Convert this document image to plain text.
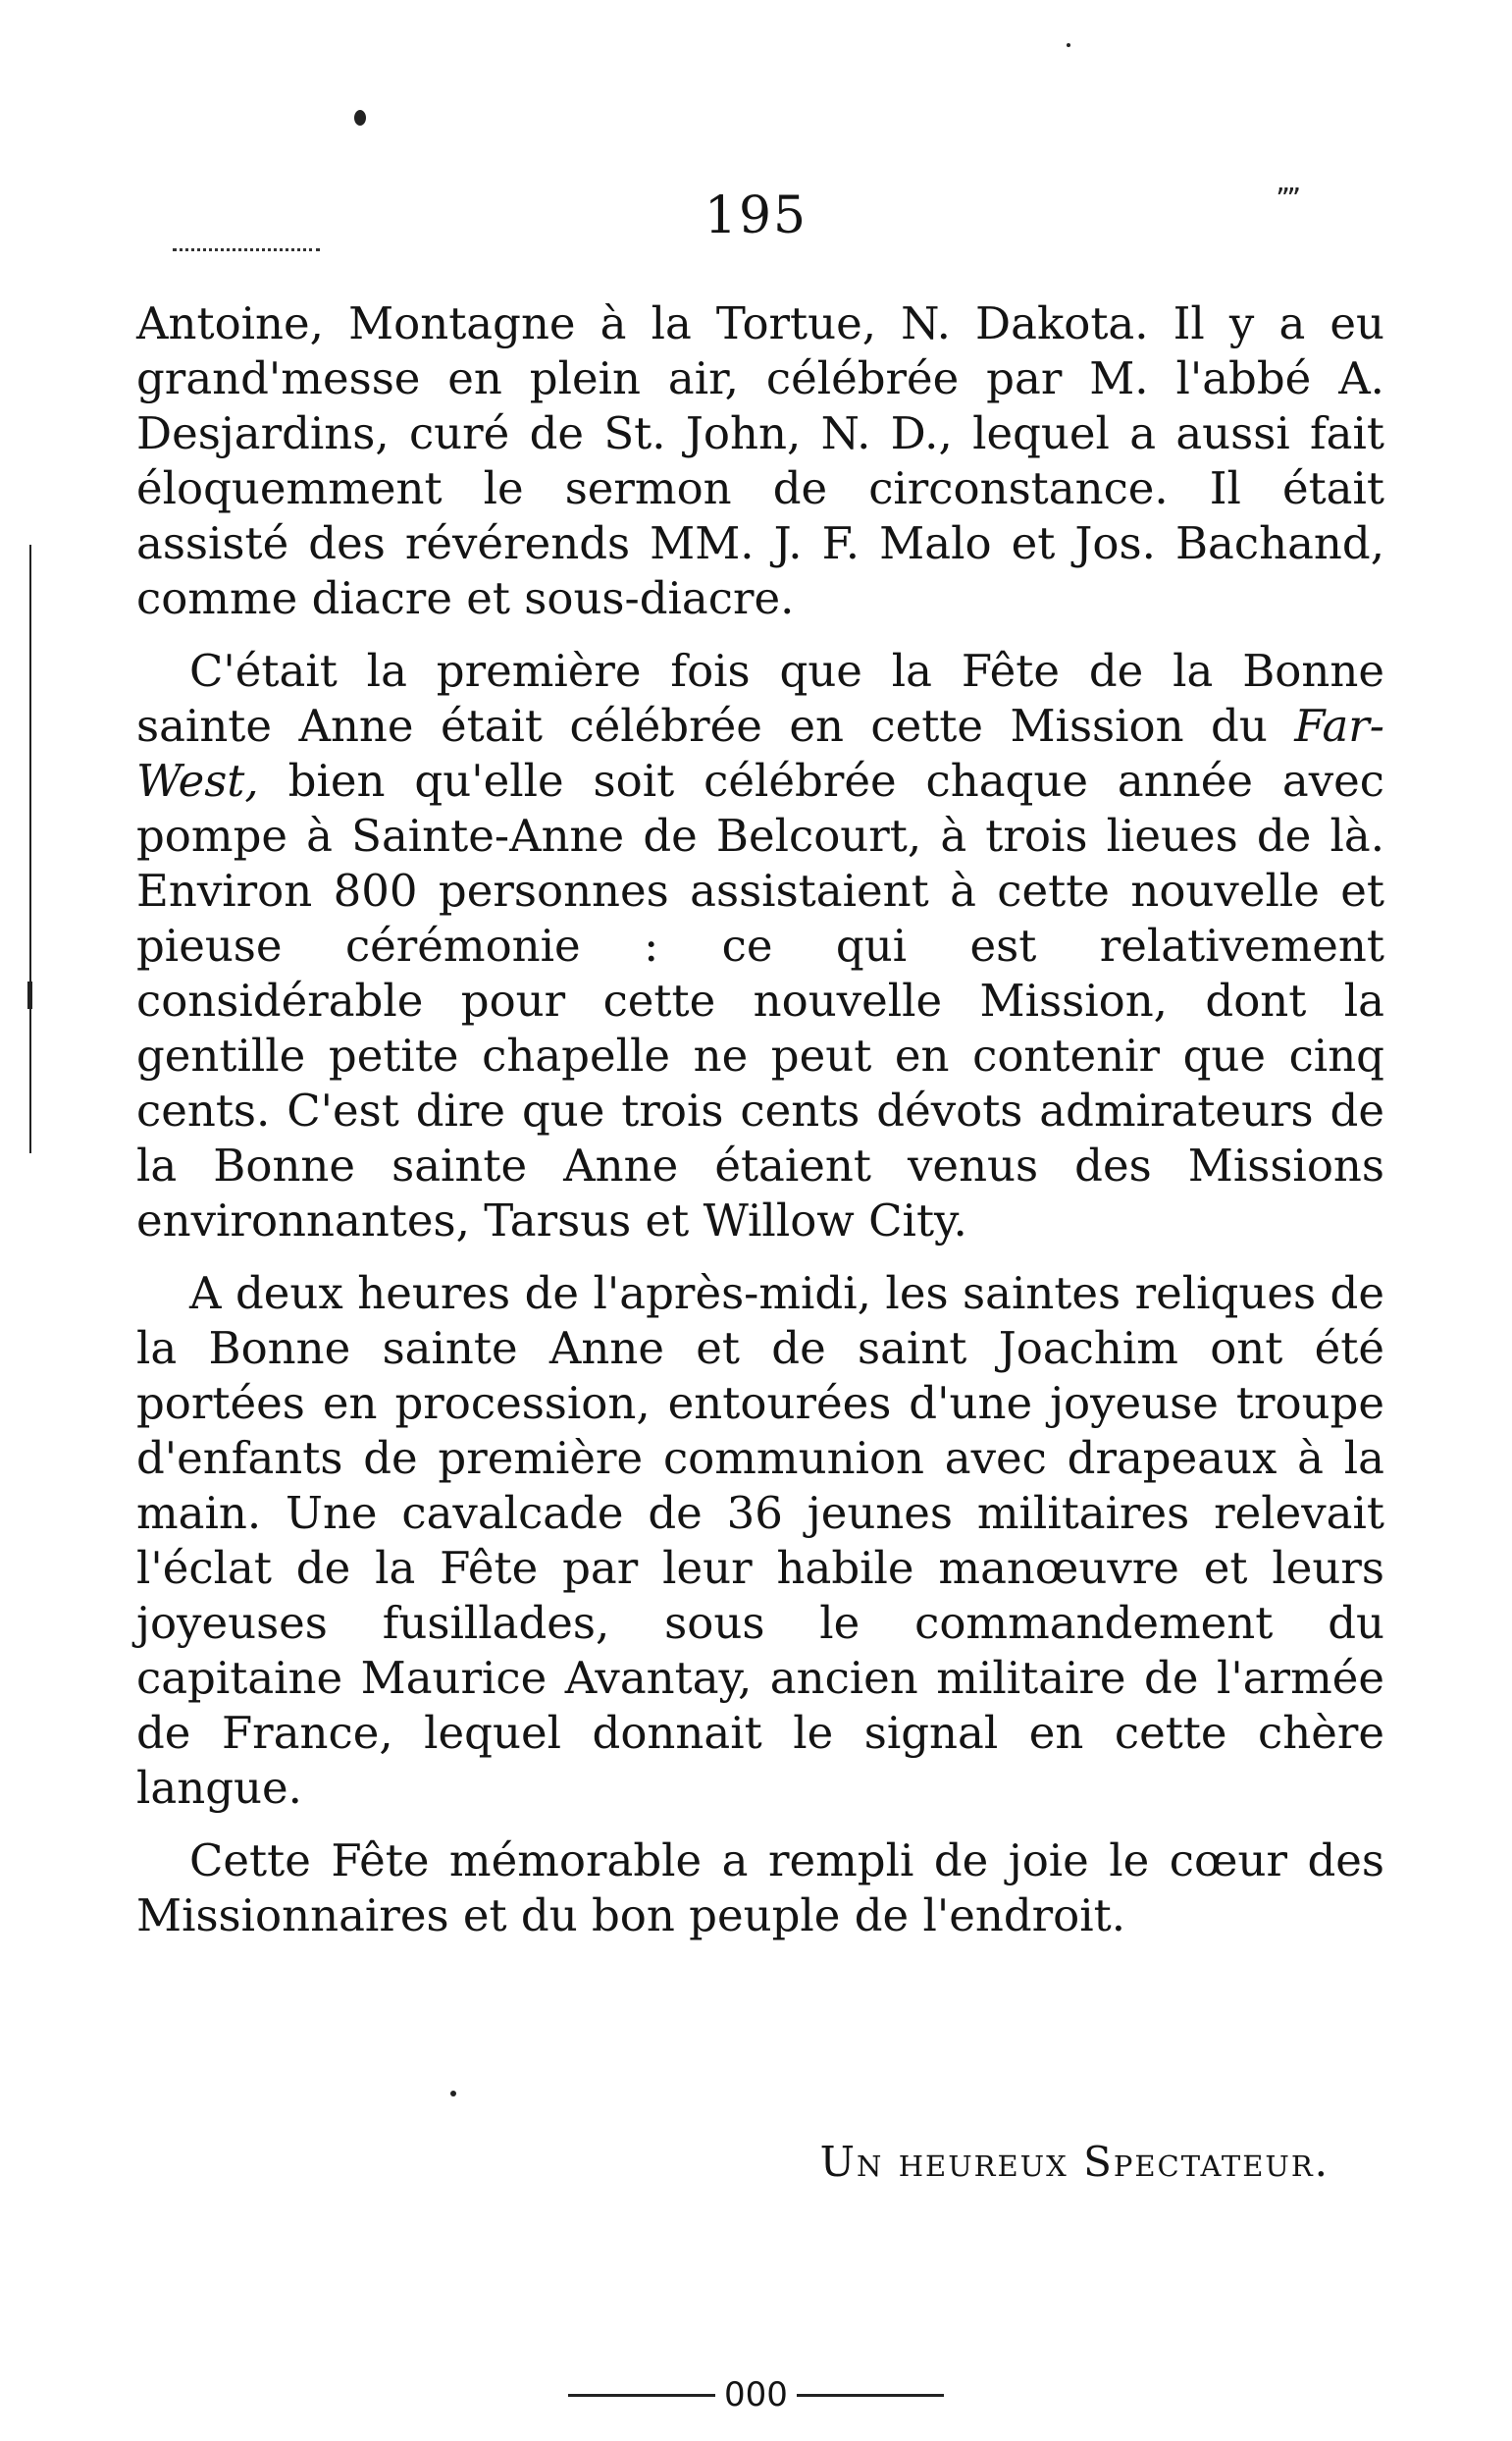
195	ʼʼʼʼ

Antoine, Montagne à la Tortue, N. Dakota. Il y a eu grand'messe en plein air, célébrée par M. l'abbé A. Desjardins, curé de St. John, N. D., lequel a aussi fait éloquemment le sermon de circonstance. Il était assisté des révérends MM. J. F. Malo et Jos. Bachand, comme diacre et sous-diacre.

C'était la première fois que la Fête de la Bonne sainte Anne était célébrée en cette Mission du Far-West, bien qu'elle soit célébrée chaque année avec pompe à Sainte-Anne de Belcourt, à trois lieues de là. Environ 800 personnes assistaient à cette nouvelle et pieuse cérémonie : ce qui est relativement considérable pour cette nouvelle Mission, dont la gentille petite chapelle ne peut en contenir que cinq cents. C'est dire que trois cents dévots admirateurs de la Bonne sainte Anne étaient venus des Missions environnantes, Tarsus et Willow City.

A deux heures de l'après-midi, les saintes reliques de la Bonne sainte Anne et de saint Joachim ont été portées en procession, entourées d'une joyeuse troupe d'enfants de première communion avec drapeaux à la main. Une cavalcade de 36 jeunes militaires relevait l'éclat de la Fête par leur habile manœuvre et leurs joyeuses fusillades, sous le commandement du capitaine Maurice Avantay, ancien militaire de l'armée de France, lequel donnait le signal en cette chère langue.

Cette Fête mémorable a rempli de joie le cœur des Missionnaires et du bon peuple de l'endroit.

Un heureux Spectateur.
000
